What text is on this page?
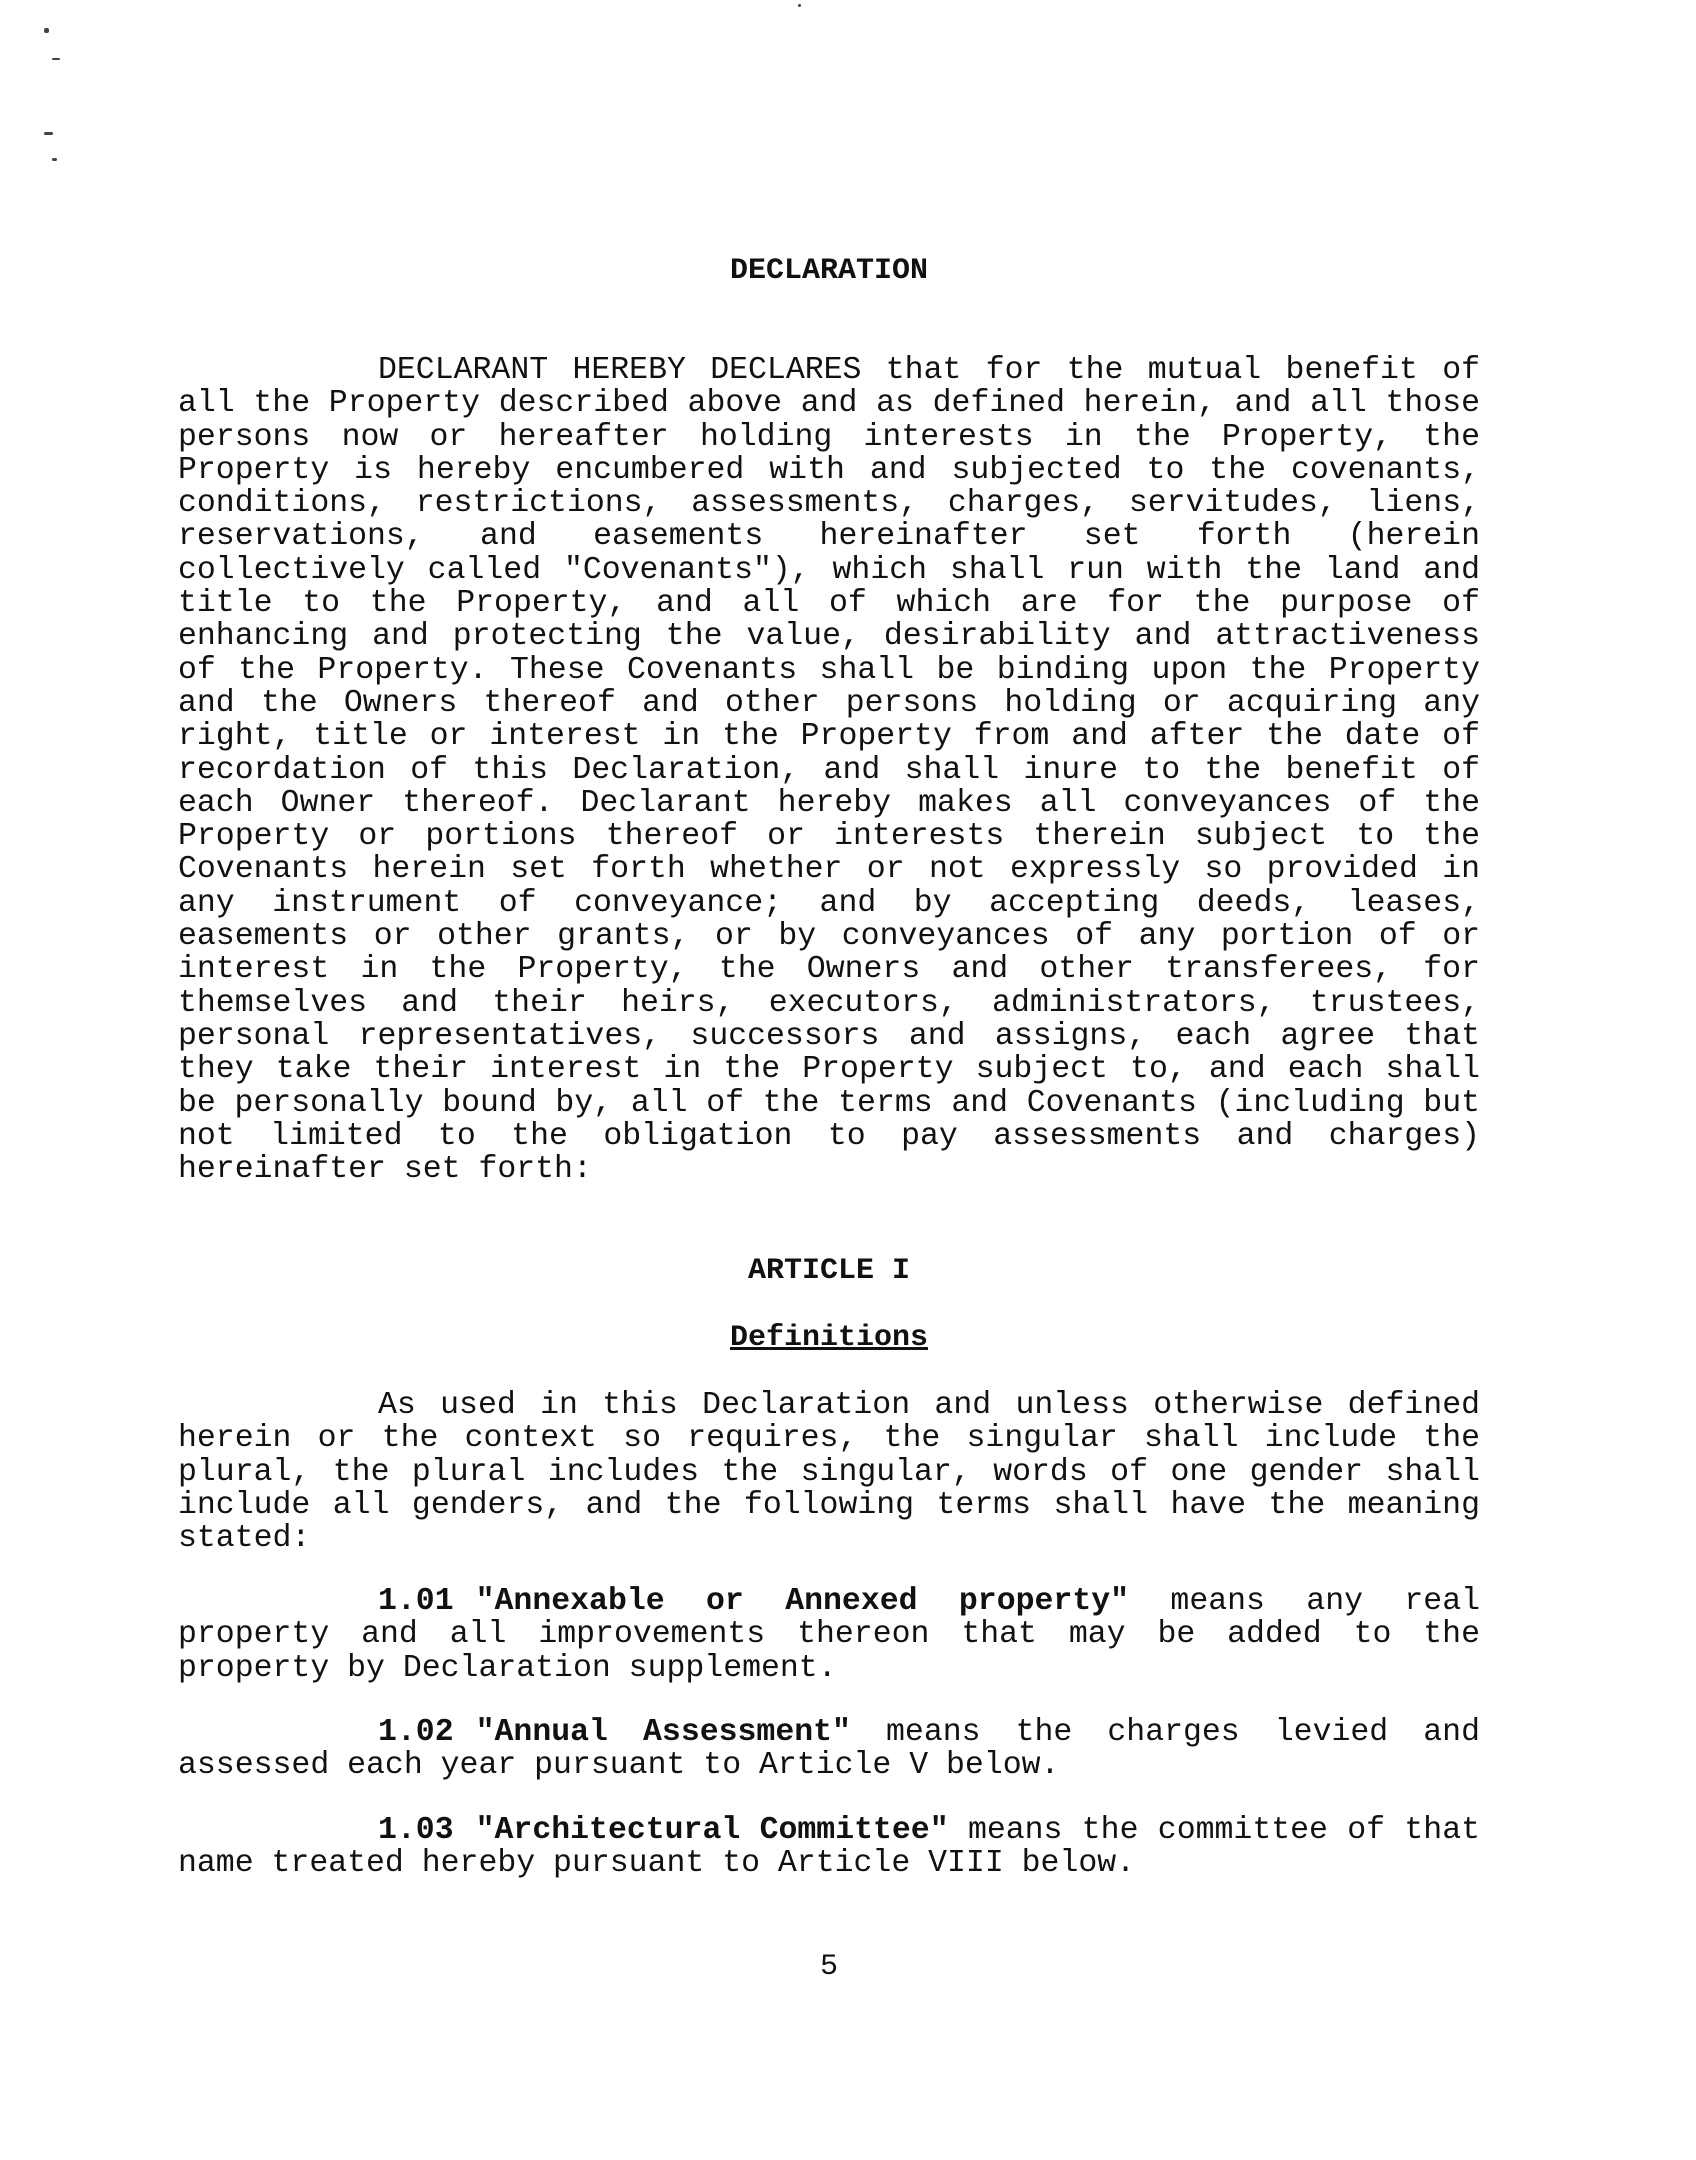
DECLARATION

DECLARANT HEREBY DECLARES that for the mutual benefit of all the Property described above and as defined herein, and all those persons now or hereafter holding interests in the Property, the Property is hereby encumbered with and subjected to the covenants, conditions, restrictions, assessments, charges, servitudes, liens, reservations, and easements hereinafter set forth (herein collectively called "Covenants"), which shall run with the land and title to the Property, and all of which are for the purpose of enhancing and protecting the value, desirability and attractiveness of the Property. These Covenants shall be binding upon the Property and the Owners thereof and other persons holding or acquiring any right, title or interest in the Property from and after the date of recordation of this Declaration, and shall inure to the benefit of each Owner thereof. Declarant hereby makes all conveyances of the Property or portions thereof or interests therein subject to the Covenants herein set forth whether or not expressly so provided in any instrument of conveyance; and by accepting deeds, leases, easements or other grants, or by conveyances of any portion of or interest in the Property, the Owners and other transferees, for themselves and their heirs, executors, administrators, trustees, personal representatives, successors and assigns, each agree that they take their interest in the Property subject to, and each shall be personally bound by, all of the terms and Covenants (including but not limited to the obligation to pay assessments and charges) hereinafter set forth:

ARTICLE I
Definitions

As used in this Declaration and unless otherwise defined herein or the context so requires, the singular shall include the plural, the plural includes the singular, words of one gender shall include all genders, and the following terms shall have the meaning stated:

1.01 "Annexable or Annexed property" means any real property and all improvements thereon that may be added to the property by Declaration supplement.

1.02 "Annual Assessment" means the charges levied and assessed each year pursuant to Article V below.

1.03 "Architectural Committee" means the committee of that name treated hereby pursuant to Article VIII below.

5
